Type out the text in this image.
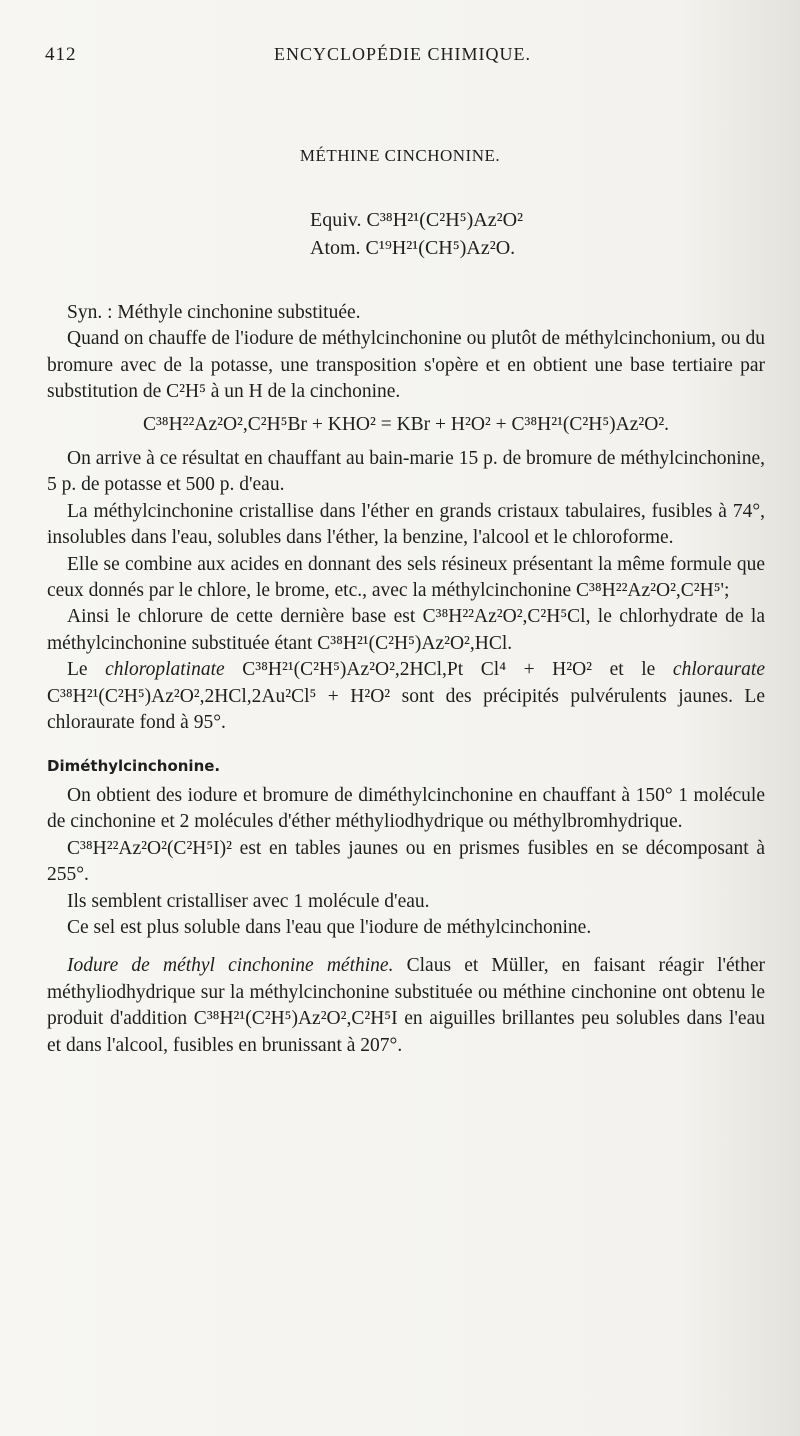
412	ENCYCLOPÉDIE CHIMIQUE.
MÉTHINE CINCHONINE.
Equiv. C³⁸H²¹(C²H⁵)Az²O²
Atom. C¹⁹H²¹(CH⁵)Az²O.

Syn. : Méthyle cinchonine substituée.

Quand on chauffe de l'iodure de méthylcinchonine ou plutôt de méthylcinchonium, ou du bromure avec de la potasse, une transposition s'opère et en obtient une base tertiaire par substitution de C²H⁵ à un H de la cinchonine.

C³⁸H²²Az²O²,C²H⁵Br + KHO² = KBr + H²O² + C³⁸H²¹(C²H⁵)Az²O².

On arrive à ce résultat en chauffant au bain-marie 15 p. de bromure de méthylcinchonine, 5 p. de potasse et 500 p. d'eau.

La méthylcinchonine cristallise dans l'éther en grands cristaux tabulaires, fusibles à 74°, insolubles dans l'eau, solubles dans l'éther, la benzine, l'alcool et le chloroforme.

Elle se combine aux acides en donnant des sels résineux présentant la même formule que ceux donnés par le chlore, le brome, etc., avec la méthylcinchonine C³⁸H²²Az²O²,C²H⁵';

Ainsi le chlorure de cette dernière base est C³⁸H²²Az²O²,C²H⁵Cl, le chlorhydrate de la méthylcinchonine substituée étant C³⁸H²¹(C²H⁵)Az²O²,HCl.

Le chloroplatinate C³⁸H²¹(C²H⁵)Az²O²,2HCl,Pt Cl⁴ + H²O² et le chloraurate C³⁸H²¹(C²H⁵)Az²O²,2HCl,2Au²Cl⁵ + H²O² sont des précipités pulvérulents jaunes. Le chloraurate fond à 95°.

Diméthylcinchonine.

On obtient des iodure et bromure de diméthylcinchonine en chauffant à 150° 1 molécule de cinchonine et 2 molécules d'éther méthyliodhydrique ou méthylbromhydrique.

C³⁸H²²Az²O²(C²H⁵I)² est en tables jaunes ou en prismes fusibles en se décomposant à 255°.

Ils semblent cristalliser avec 1 molécule d'eau.

Ce sel est plus soluble dans l'eau que l'iodure de méthylcinchonine.

Iodure de méthyl cinchonine méthine. Claus et Müller, en faisant réagir l'éther méthyliodhydrique sur la méthylcinchonine substituée ou méthine cinchonine ont obtenu le produit d'addition C³⁸H²¹(C²H⁵)Az²O²,C²H⁵I en aiguilles brillantes peu solubles dans l'eau et dans l'alcool, fusibles en brunissant à 207°.
